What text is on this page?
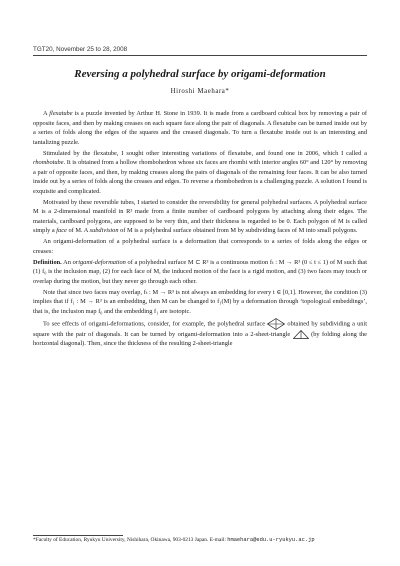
TGT20, November 25 to 28, 2008
Reversing a polyhedral surface by origami-deformation
Hiroshi Maehara*

A flexatube is a puzzle invented by Arthur H. Stone in 1939. It is made from a cardboard cubical box by removing a pair of opposite faces, and then by making creases on each square face along the pair of diagonals. A flexatube can be turned inside out by a series of folds along the edges of the squares and the creased diagonals. To turn a flexatube inside out is an interesting and tantalizing puzzle.

Stimulated by the flexatube, I sought other interesting variations of flexatube, and found one in 2006, which I called a rhombotube. It is obtained from a hollow rhombohedron whose six faces are rhombi with interior angles 60° and 120° by removing a pair of opposite faces, and then, by making creases along the pairs of diagonals of the remaining four faces. It can be also turned inside out by a series of folds along the creases and edges. To reverse a rhombohedron is a challenging puzzle. A solution I found is exquisite and complicated.

Motivated by these reversible tubes, I started to consider the reversibility for general polyhedral surfaces. A polyhedral surface M is a 2-dimensional manifold in R³ made from a finite number of cardboard polygons by attaching along their edges. The materials, cardboard polygons, are supposed to be very thin, and their thickness is regarded to be 0. Each polygon of M is called simply a face of M. A subdivision of M is a polyhedral surface obtained from M by subdividing faces of M into small polygons.

An origami-deformation of a polyhedral surface is a deformation that corresponds to a series of folds along the edges or creases:

Definition. An origami-deformation of a polyhedral surface M ⊂ R³ is a continuous motion fₜ : M → R³ (0 ≤ t ≤ 1) of M such that (1) f₀ is the inclusion map, (2) for each face of M, the induced motion of the face is a rigid motion, and (3) two faces may touch or overlap during the motion, but they never go through each other.

Note that since two faces may overlap, fₜ : M → R³ is not always an embedding for every t ∈ [0,1]. However, the condition (3) implies that if f₁ : M → R³ is an embedding, then M can be changed to f₁(M) by a deformation through ‘topological embeddings’, that is, the inclusion map f₀ and the embedding f₁ are isotopic.

To see effects of origami-deformations, consider, for example, the polyhedral surface	obtained by subdividing a unit square with the pair of diagonals. It can be turned by origami-deformation into a 2-sheet-triangle	(by folding along the horizontal diagonal). Then, since the thickness of the resulting 2-sheet-triangle

*Faculty of Education, Ryukyu University, Nishihara, Okinawa, 903-0213 Japan. E-mail: hmaehara@edu.u-ryukyu.ac.jp
